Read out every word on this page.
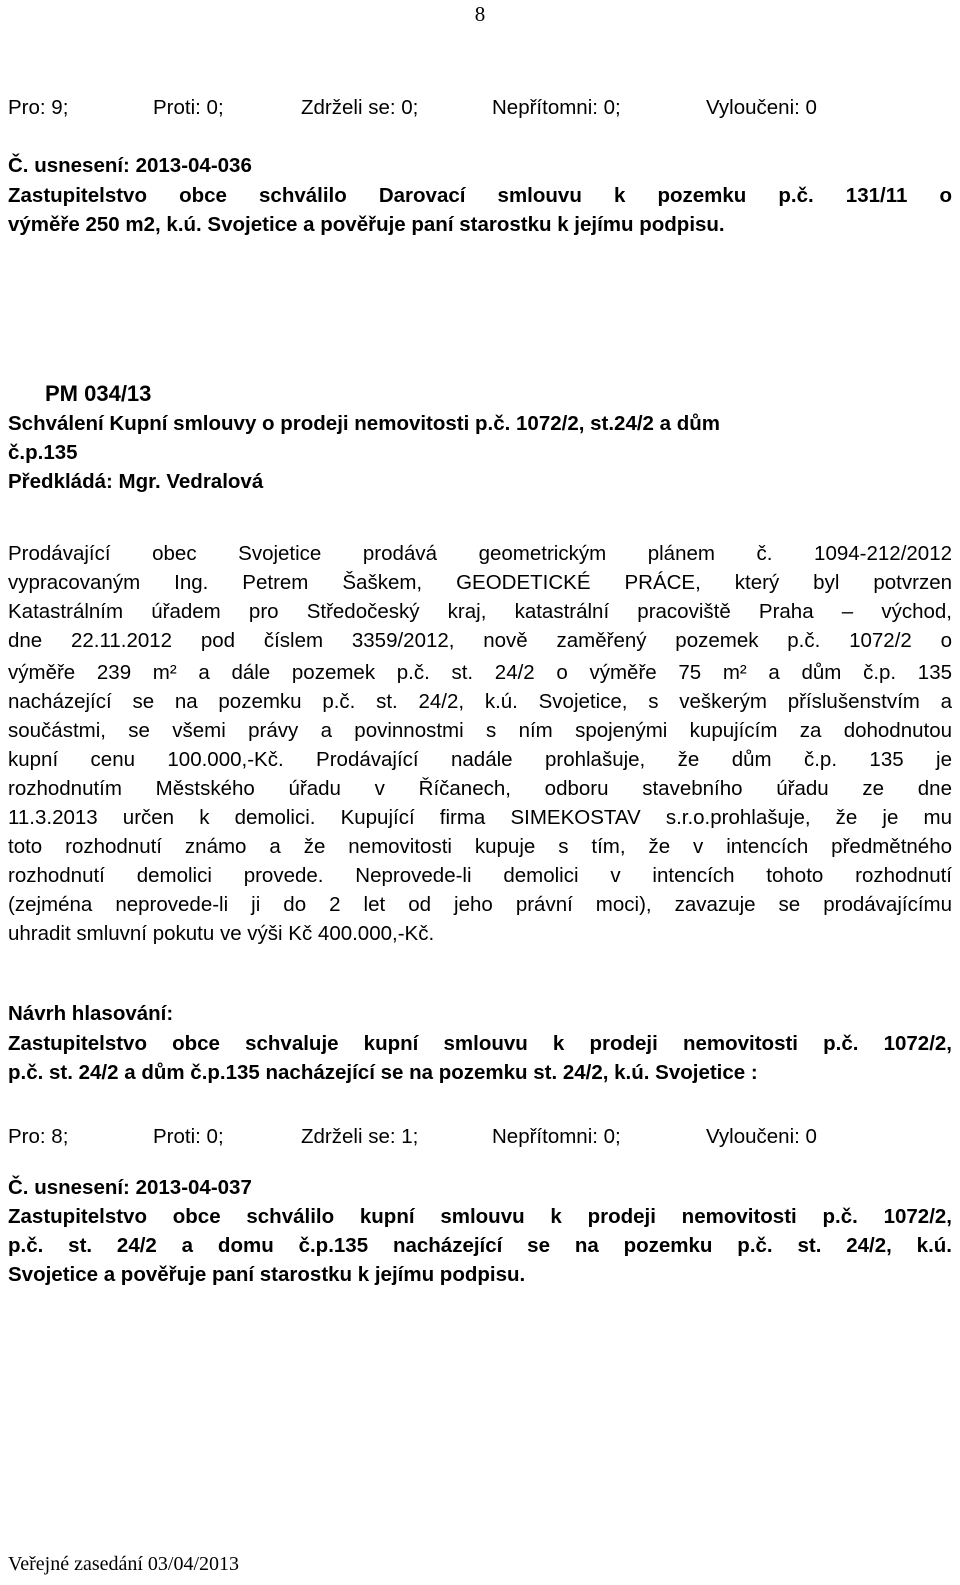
8
Pro: 9;	Proti: 0;	Zdrželi se: 0;	Nepřítomni: 0;	Vyloučeni: 0
Č. usnesení: 2013-04-036
Zastupitelstvo obce schválilo Darovací smlouvu k pozemku p.č. 131/11 o
výměře 250 m2, k.ú. Svojetice a pověřuje paní starostku k jejímu podpisu.
PM 034/13
Schválení Kupní smlouvy o prodeji nemovitosti p.č. 1072/2, st.24/2 a dům
č.p.135
Předkládá: Mgr. Vedralová
Prodávající obec Svojetice prodává geometrickým plánem č. 1094-212/2012
vypracovaným Ing. Petrem Šaškem, GEODETICKÉ PRÁCE, který byl potvrzen
Katastrálním úřadem pro Středočeský kraj, katastrální pracoviště Praha – východ,
dne 22.11.2012 pod číslem 3359/2012, nově zaměřený pozemek p.č. 1072/2 o
výměře 239 m² a dále pozemek p.č. st. 24/2 o výměře 75 m² a dům č.p. 135
nacházející se na pozemku p.č. st. 24/2, k.ú. Svojetice, s veškerým příslušenstvím a
součástmi, se všemi právy a povinnostmi s ním spojenými kupujícím za dohodnutou
kupní cenu 100.000,-Kč. Prodávající nadále prohlašuje, že dům č.p. 135 je
rozhodnutím Městského úřadu v Říčanech, odboru stavebního úřadu ze dne
11.3.2013 určen k demolici. Kupující firma SIMEKOSTAV s.r.o.prohlašuje, že je mu
toto rozhodnutí známo a že nemovitosti kupuje s tím, že v intencích předmětného
rozhodnutí demolici provede. Neprovede-li demolici v intencích tohoto rozhodnutí
(zejména neprovede-li ji do 2 let od jeho právní moci), zavazuje se prodávajícímu
uhradit smluvní pokutu ve výši Kč 400.000,-Kč.
Návrh hlasování:
Zastupitelstvo obce schvaluje kupní smlouvu k prodeji nemovitosti p.č. 1072/2,
p.č. st. 24/2 a dům č.p.135 nacházející se na pozemku st. 24/2, k.ú. Svojetice :
Pro: 8;	Proti: 0;	Zdrželi se: 1;	Nepřítomni: 0;	Vyloučeni: 0
Č. usnesení: 2013-04-037
Zastupitelstvo obce schválilo kupní smlouvu k prodeji nemovitosti p.č. 1072/2,
p.č. st. 24/2 a domu č.p.135 nacházející se na pozemku p.č. st. 24/2, k.ú.
Svojetice a pověřuje paní starostku k jejímu podpisu.
Veřejné zasedání 03/04/2013
